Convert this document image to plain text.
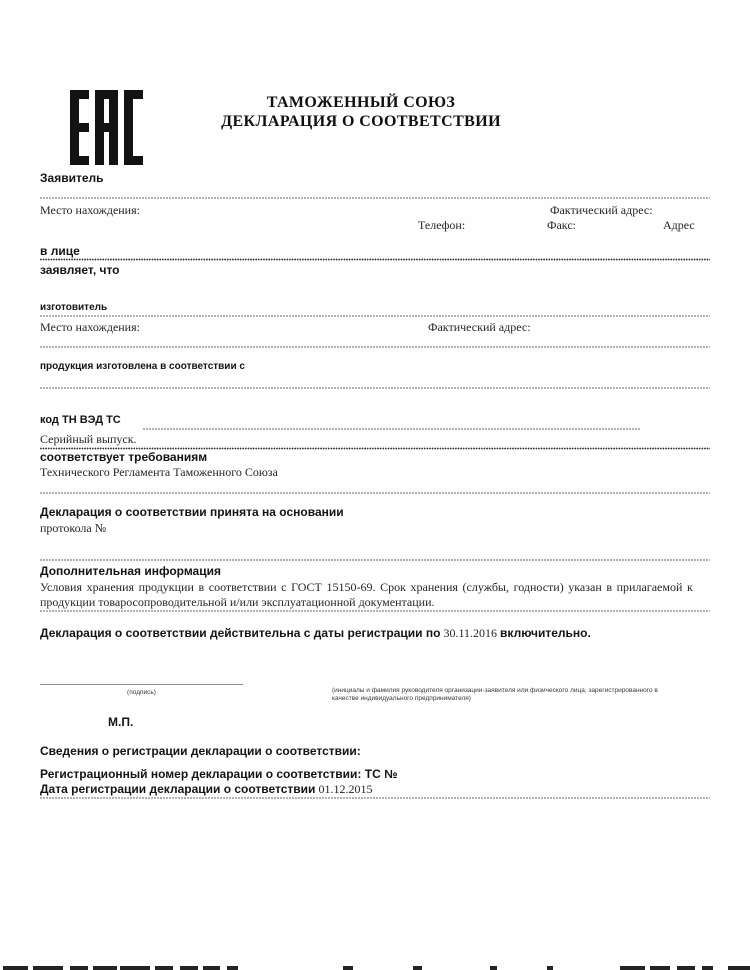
ТАМОЖЕННЫЙ СОЮЗ
ДЕКЛАРАЦИЯ О СООТВЕТСТВИИ
Заявитель
Место нахождения:	Фактический адрес:
Телефон:	Факс:	Адрес
в лице
заявляет, что
изготовитель
Место нахождения:	Фактический адрес:
продукция изготовлена в соответствии с
код ТН ВЭД ТС
Серийный выпуск.
соответствует требованиям
Технического Регламента Таможенного Союза
Декларация о соответствии принята на основании
протокола №
Дополнительная информация
Условия хранения продукции в соответствии с ГОСТ 15150-69. Срок хранения (службы, годности) указан в прилагаемой к
продукции товаросопроводительной и/или эксплуатационной документации.
Декларация о соответствии действительна с даты регистрации по 30.11.2016 включительно.
(подпись)	(инициалы и фамилия руководителя организации-заявителя или физического лица, зарегистрированного в качестве индивидуального предпринимателя)
М.П.
Сведения о регистрации декларации о соответствии:
Регистрационный номер декларации о соответствии: ТС №
Дата регистрации декларации о соответствии 01.12.2015
